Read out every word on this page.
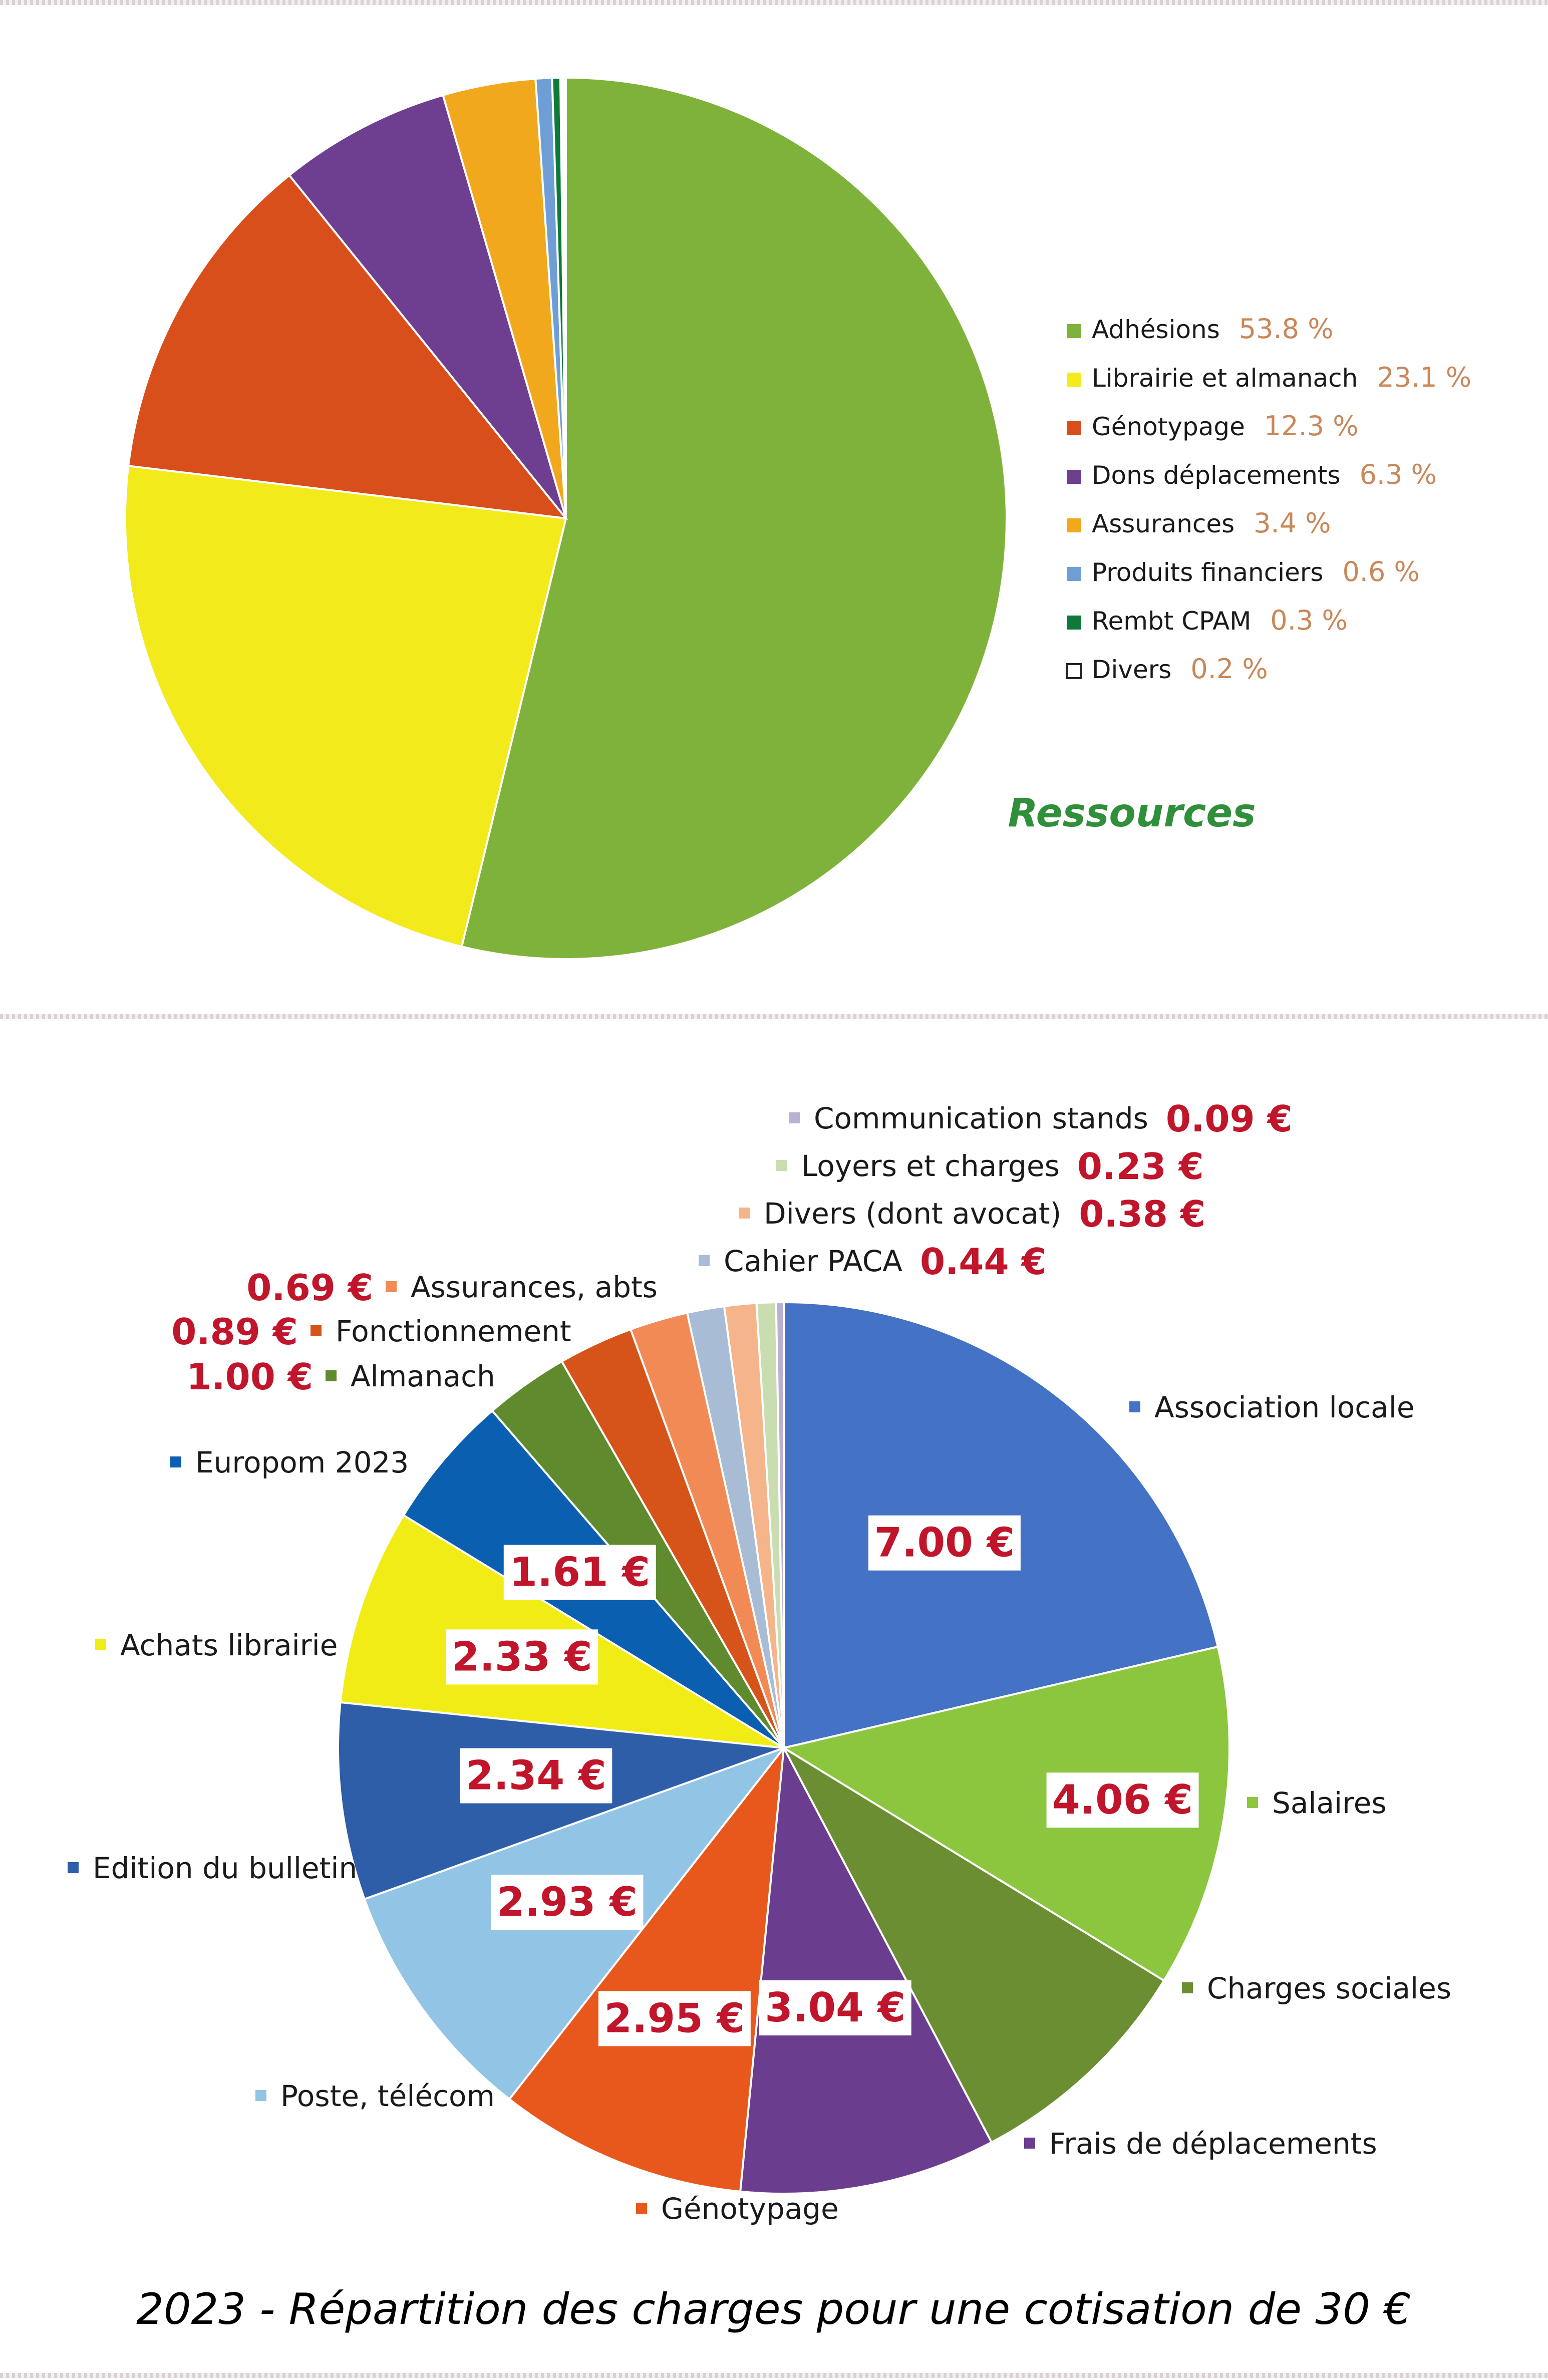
Adhésions 53.8 %
Librairie et almanach 23.1 %
Génotypage 12.3 %
Dons déplacements 6.3 %
Assurances 3.4 %
Produits financiers 0.6 %
Rembt CPAM 0.3 %
Divers 0.2 %
Ressources
7.00 €
4.06 €
3.04 €
2.95 €
2.93 €
2.34 €
2.33 €
1.61 €
Association locale
Salaires
Charges sociales
Frais de déplacements
Génotypage
Poste, télécom
Edition du bulletin
Achats librairie
Europom 2023
Almanach
Fonctionnement
Assurances, abts
Cahier PACA
Divers (dont avocat)
Loyers et charges
Communication stands
1.00 €
0.89 €
0.69 €
0.44 €
0.38 €
0.23 €
0.09 €
2023 - Répartition des charges pour une cotisation de 30 €
